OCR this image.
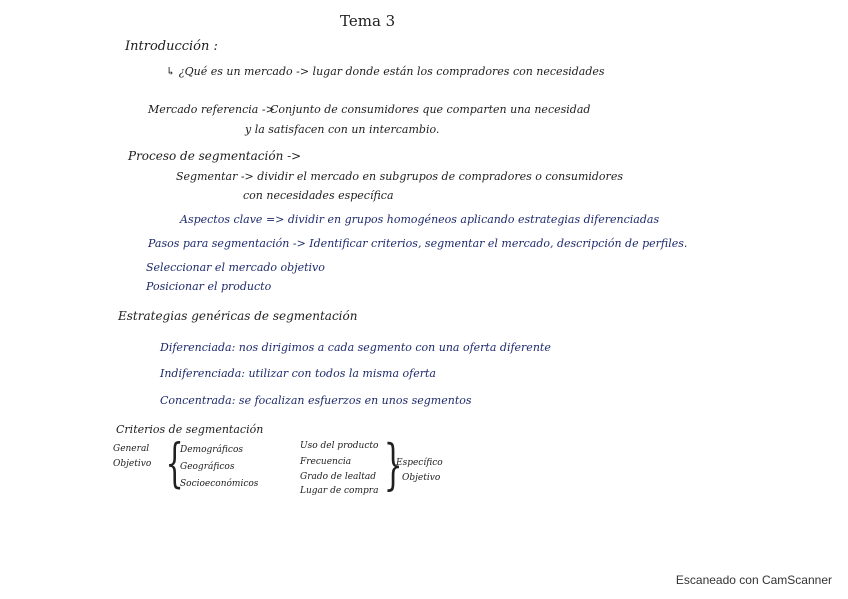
Tema 3
Introducción :
↳ ¿Qué es un mercado -> lugar donde están los compradores con necesidades
Mercado referencia ->
Conjunto de consumidores que comparten una necesidad
y la satisfacen con un intercambio.
Proceso de segmentación ->
Segmentar -> dividir el mercado en subgrupos de compradores o consumidores
con necesidades específica
Aspectos clave => dividir en grupos homogéneos aplicando estrategias diferenciadas
Pasos para segmentación -> Identificar criterios, segmentar el mercado, descripción de perfiles.
Seleccionar el mercado objetivo
Posicionar el producto
Estrategias genéricas de segmentación
Diferenciada: nos dirigimos a cada segmento con una oferta diferente
Indiferenciada: utilizar con todos la misma oferta
Concentrada: se focalizan esfuerzos en unos segmentos
Criterios de segmentación
General
Objetivo {
Demográficos
Geográficos
Socioeconómicos
Uso del producto
Frecuencia
Grado de lealtad
Lugar de compra }
Específico
Objetivo
Escaneado con CamScanner
